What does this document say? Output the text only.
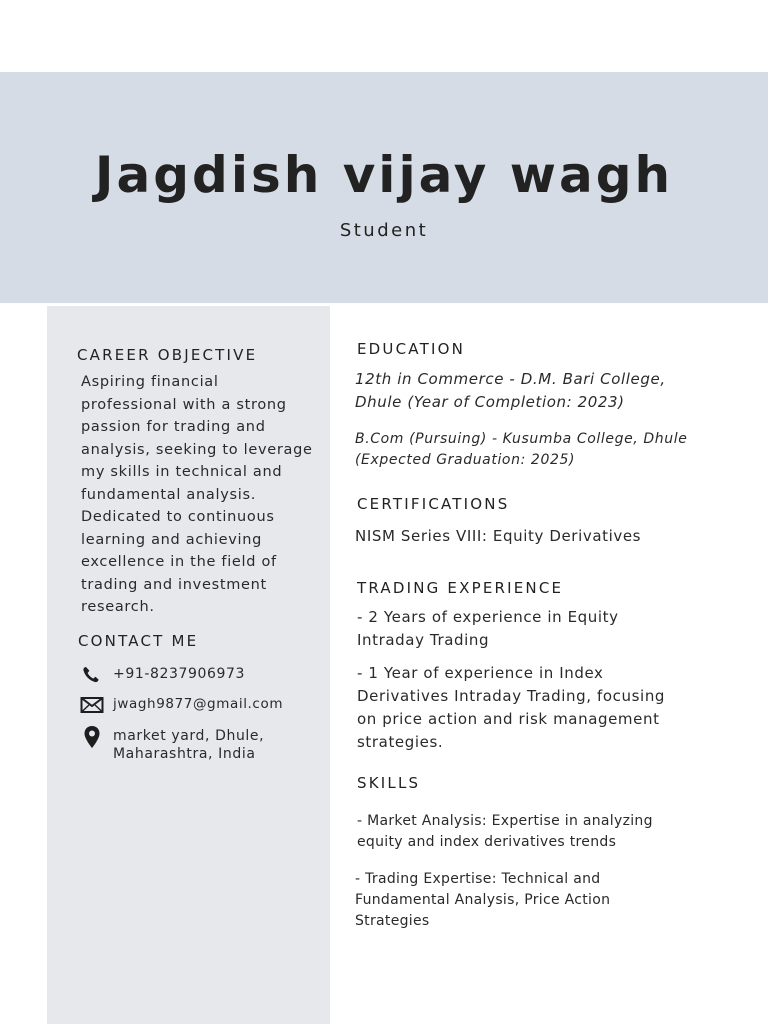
Jagdish vijay wagh
Student
CAREER OBJECTIVE

Aspiring financial professional with a strong passion for trading and analysis, seeking to leverage my skills in technical and fundamental analysis. Dedicated to continuous learning and achieving excellence in the field of trading and investment research.

CONTACT ME
+91-8237906973
jwagh9877@gmail.com
market yard, Dhule, Maharashtra, India
EDUCATION

12th in Commerce - D.M. Bari College, Dhule (Year of Completion: 2023)

B.Com (Pursuing) - Kusumba College, Dhule (Expected Graduation: 2025)

CERTIFICATIONS

NISM Series VIII: Equity Derivatives

TRADING EXPERIENCE

- 2 Years of experience in Equity Intraday Trading

- 1 Year of experience in Index Derivatives Intraday Trading, focusing on price action and risk management strategies.

SKILLS

- Market Analysis: Expertise in analyzing equity and index derivatives trends

- Trading Expertise: Technical and Fundamental Analysis, Price Action Strategies
